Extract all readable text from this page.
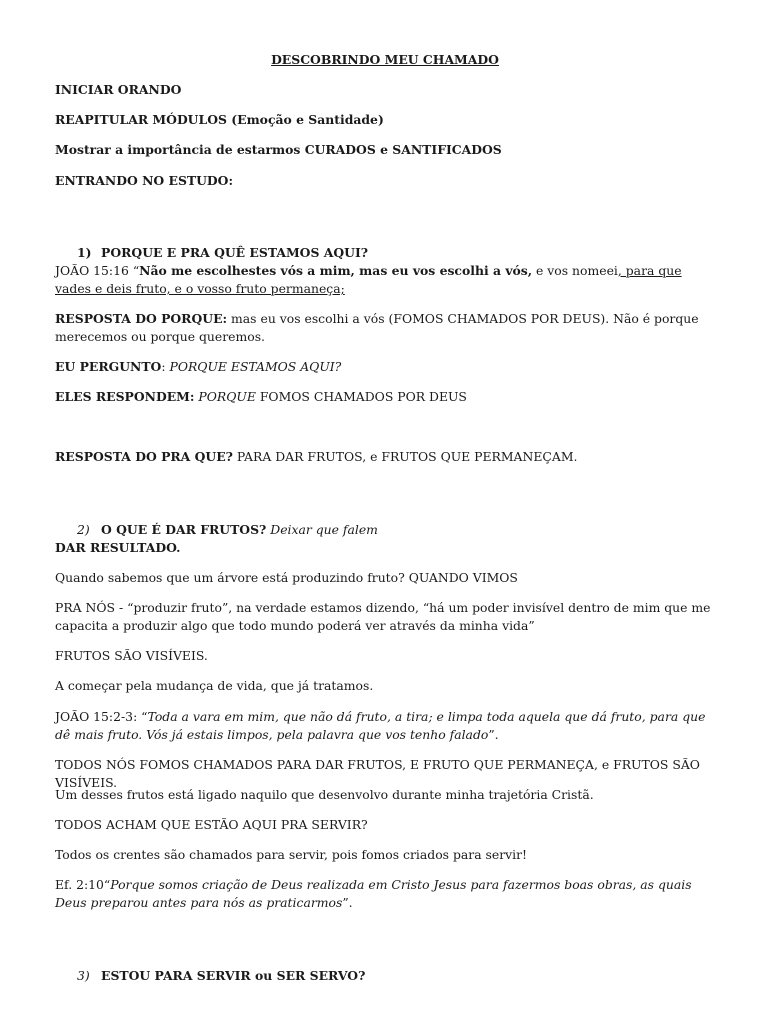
DESCOBRINDO MEU CHAMADO

INICIAR ORANDO

REAPITULAR MÓDULOS (Emoção e Santidade)

Mostrar a importância de estarmos CURADOS e SANTIFICADOS

ENTRANDO NO ESTUDO:

1) PORQUE E PRA QUÊ ESTAMOS AQUI?

JOÃO 15:16 “Não me escolhestes vós a mim, mas eu vos escolhi a vós, e vos nomeei, para que vades e deis fruto, e o vosso fruto permaneça;

RESPOSTA DO PORQUE: mas eu vos escolhi a vós (FOMOS CHAMADOS POR DEUS). Não é porque merecemos ou porque queremos.

EU PERGUNTO: PORQUE ESTAMOS AQUI?

ELES RESPONDEM: PORQUE FOMOS CHAMADOS POR DEUS

RESPOSTA DO PRA QUE? PARA DAR FRUTOS, e FRUTOS QUE PERMANEÇAM.

2) O QUE É DAR FRUTOS? Deixar que falem

DAR RESULTADO.

Quando sabemos que um árvore está produzindo fruto? QUANDO VIMOS

PRA NÓS - “produzir fruto”, na verdade estamos dizendo, “há um poder invisível dentro de mim que me capacita a produzir algo que todo mundo poderá ver através da minha vida”

FRUTOS SÃO VISÍVEIS.

A começar pela mudança de vida, que já tratamos.

JOÃO 15:2-3: “Toda a vara em mim, que não dá fruto, a tira; e limpa toda aquela que dá fruto, para que dê mais fruto. Vós já estais limpos, pela palavra que vos tenho falado”.

TODOS NÓS FOMOS CHAMADOS PARA DAR FRUTOS, E FRUTO QUE PERMANEÇA, e FRUTOS SÃO VISÍVEIS.

Um desses frutos está ligado naquilo que desenvolvo durante minha trajetória Cristã.

TODOS ACHAM QUE ESTÃO AQUI PRA SERVIR?

Todos os crentes são chamados para servir, pois fomos criados para servir!

Ef. 2:10“Porque somos criação de Deus realizada em Cristo Jesus para fazermos boas obras, as quais Deus preparou antes para nós as praticarmos”.

3) ESTOU PARA SERVIR ou SER SERVO?
